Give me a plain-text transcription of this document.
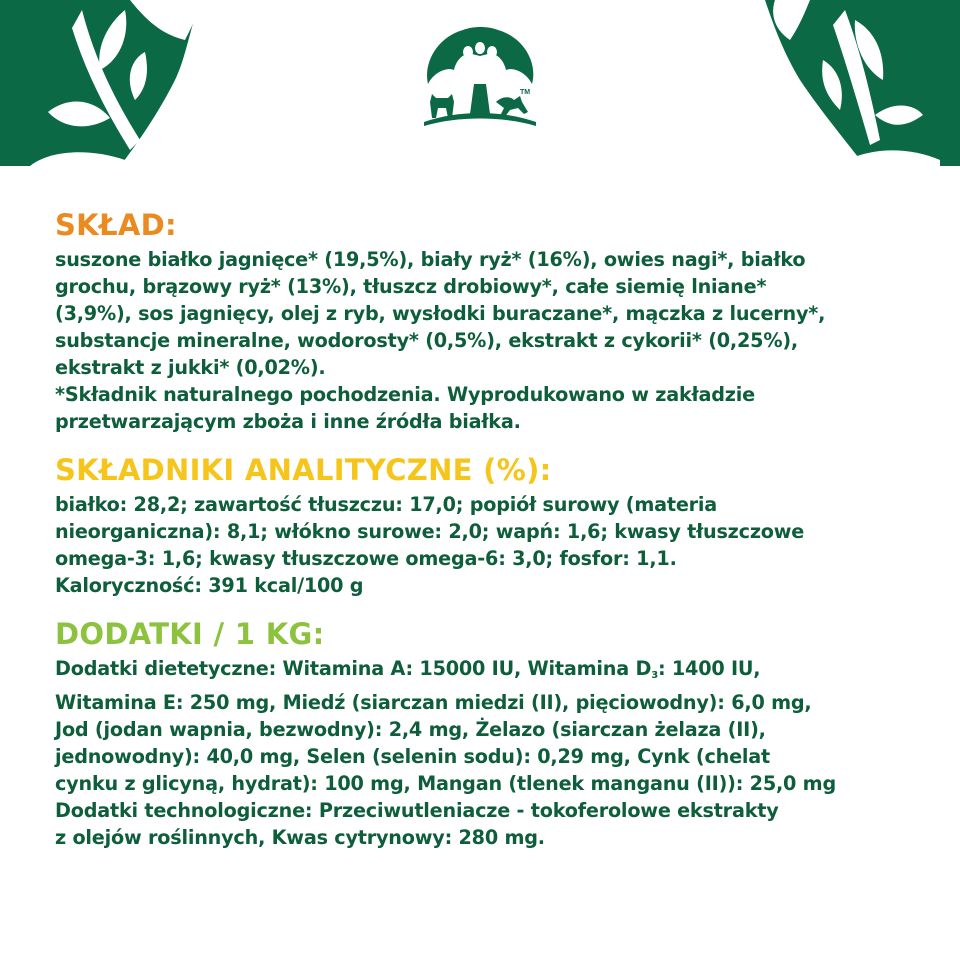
TM
SKŁAD:

suszone białko jagnięce* (19,5%), biały ryż* (16%), owies nagi*, białko
grochu, brązowy ryż* (13%), tłuszcz drobiowy*, całe siemię lniane*
(3,9%), sos jagnięcy, olej z ryb, wysłodki buraczane*, mączka z lucerny*,
substancje mineralne, wodorosty* (0,5%), ekstrakt z cykorii* (0,25%),
ekstrakt z jukki* (0,02%).
*Składnik naturalnego pochodzenia. Wyprodukowano w zakładzie
przetwarzającym zboża i inne źródła białka.

SKŁADNIKI ANALITYCZNE (%):

białko: 28,2; zawartość tłuszczu: 17,0; popiół surowy (materia
nieorganiczna): 8,1; włókno surowe: 2,0; wapń: 1,6; kwasy tłuszczowe
omega-3: 1,6; kwasy tłuszczowe omega-6: 3,0; fosfor: 1,1.
Kaloryczność: 391 kcal/100 g

DODATKI / 1 KG:

Dodatki dietetyczne: Witamina A: 15000 IU, Witamina $D_3$: 1400 IU,
Witamina E: 250 mg, Miedź (siarczan miedzi (II), pięciowodny): 6,0 mg,
Jod (jodan wapnia, bezwodny): 2,4 mg, Żelazo (siarczan żelaza (II),
jednowodny): 40,0 mg, Selen (selenin sodu): 0,29 mg, Cynk (chelat
cynku z glicyną, hydrat): 100 mg, Mangan (tlenek manganu (II)): 25,0 mg
Dodatki technologiczne: Przeciwutleniacze - tokoferolowe ekstrakty
z olejów roślinnych, Kwas cytrynowy: 280 mg.
